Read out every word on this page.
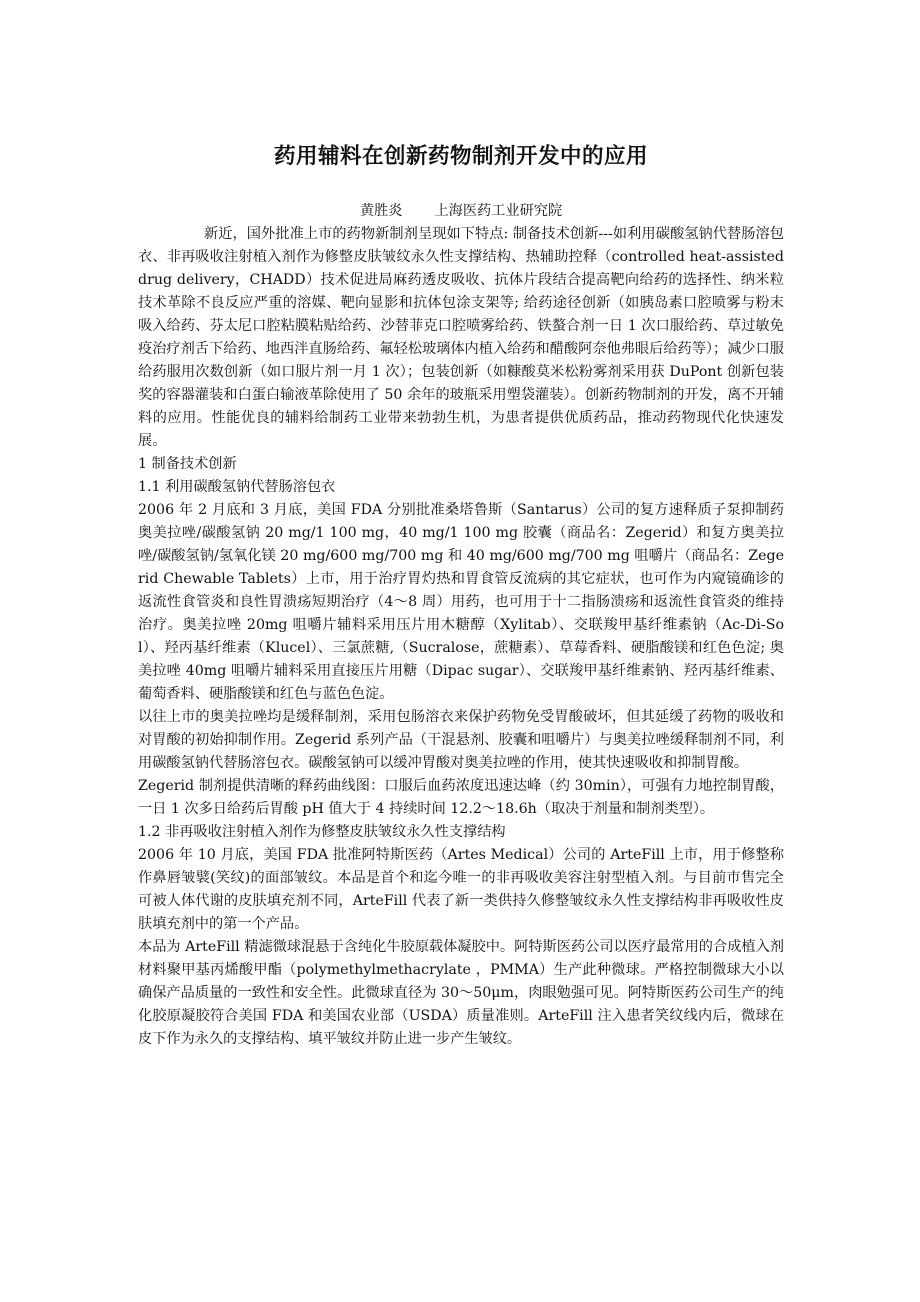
药用辅料在创新药物制剂开发中的应用
黄胜炎 上海医药工业研究院

新近，国外批准上市的药物新制剂呈现如下特点: 制备技术创新---如利用碳酸氢钠代替肠溶包衣、非再吸收注射植入剂作为修整皮肤皱纹永久性支撑结构、热辅助控释（controlled heat-assisted drug delivery，CHADD）技术促进局麻药透皮吸收、抗体片段结合提高靶向给药的选择性、纳米粒技术革除不良反应严重的溶媒、靶向显影和抗体包涂支架等; 给药途径创新（如胰岛素口腔喷雾与粉末吸入给药、芬太尼口腔粘膜粘贴给药、沙替菲克口腔喷雾给药、铁螯合剂一日 1 次口服给药、草过敏免疫治疗剂舌下给药、地西泮直肠给药、氟轻松玻璃体内植入给药和醋酸阿奈他弗眼后给药等）；减少口服给药服用次数创新（如口服片剂一月 1 次）；包装创新（如糠酸莫米松粉雾剂采用获 DuPont 创新包装奖的容器灌装和白蛋白输液革除使用了 50 余年的玻瓶采用塑袋灌装）。创新药物制剂的开发，离不开辅料的应用。性能优良的辅料给制药工业带来勃勃生机，为患者提供优质药品，推动药物现代化快速发展。

1 制备技术创新
1.1 利用碳酸氢钠代替肠溶包衣

2006 年 2 月底和 3 月底，美国 FDA 分别批准桑塔鲁斯（Santarus）公司的复方速释质子泵抑制药奥美拉唑/碳酸氢钠 20 mg/1 100 mg，40 mg/1 100 mg 胶囊（商品名：Zegerid）和复方奥美拉唑/碳酸氢钠/氢氧化镁 20 mg/600 mg/700 mg 和 40 mg/600 mg/700 mg 咀嚼片（商品名：Zegerid Chewable Tablets）上市，用于治疗胃灼热和胃食管反流病的其它症状，也可作为内窥镜确诊的返流性食管炎和良性胃溃疡短期治疗（4～8 周）用药，也可用于十二指肠溃疡和返流性食管炎的维持治疗。奥美拉唑 20mg 咀嚼片辅料采用压片用木糖醇（Xylitab）、交联羧甲基纤维素钠（Ac-Di-Sol）、羟丙基纤维素（Klucel）、三氯蔗糖,（Sucralose，蔗糖素）、草莓香料、硬脂酸镁和红色色淀; 奥美拉唑 40mg 咀嚼片辅料采用直接压片用糖（Dipac sugar）、交联羧甲基纤维素钠、羟丙基纤维素、葡萄香料、硬脂酸镁和红色与蓝色色淀。

以往上市的奥美拉唑均是缓释制剂，采用包肠溶衣来保护药物免受胃酸破坏，但其延缓了药物的吸收和对胃酸的初始抑制作用。Zegerid 系列产品（干混悬剂、胶囊和咀嚼片）与奥美拉唑缓释制剂不同，利用碳酸氢钠代替肠溶包衣。碳酸氢钠可以缓冲胃酸对奥美拉唑的作用，使其快速吸收和抑制胃酸。

Zegerid 制剂提供清晰的释药曲线图：口服后血药浓度迅速达峰（约 30min），可强有力地控制胃酸，一日 1 次多日给药后胃酸 pH 值大于 4 持续时间 12.2～18.6h（取决于剂量和制剂类型）。

1.2 非再吸收注射植入剂作为修整皮肤皱纹永久性支撑结构

2006 年 10 月底，美国 FDA 批准阿特斯医药（Artes Medical）公司的 ArteFill 上市，用于修整称作鼻唇皱襞(笑纹)的面部皱纹。本品是首个和迄今唯一的非再吸收美容注射型植入剂。与目前市售完全可被人体代谢的皮肤填充剂不同，ArteFill 代表了新一类供持久修整皱纹永久性支撑结构非再吸收性皮肤填充剂中的第一个产品。

本品为 ArteFill 精滤微球混悬于含纯化牛胶原载体凝胶中。阿特斯医药公司以医疗最常用的合成植入剂材料聚甲基丙烯酸甲酯（polymethylmethacrylate ，PMMA）生产此种微球。严格控制微球大小以确保产品质量的一致性和安全性。此微球直径为 30～50μm，肉眼勉强可见。阿特斯医药公司生产的纯化胶原凝胶符合美国 FDA 和美国农业部（USDA）质量准则。ArteFill 注入患者笑纹线内后，微球在皮下作为永久的支撑结构、填平皱纹并防止进一步产生皱纹。
